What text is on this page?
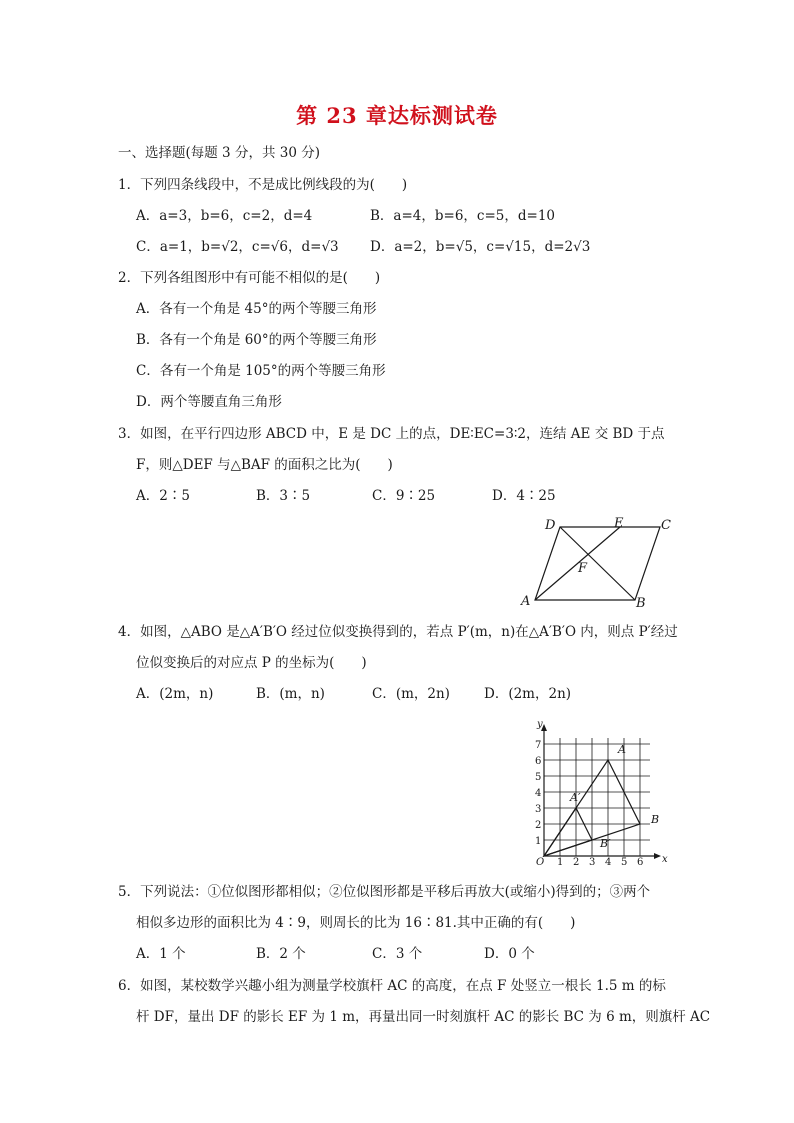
第 23 章达标测试卷
一、选择题(每题 3 分，共 30 分)
1．下列四条线段中，不是成比例线段的为(　　)
A．a=3，b=6，c=2，d=4	B．a=4，b=6，c=5，d=10
C．a=1，b=√2，c=√6，d=√3 D．a=2，b=√5，c=√15，d=2√3
2．下列各组图形中有可能不相似的是(　　)
A．各有一个角是 45°的两个等腰三角形
B．各有一个角是 60°的两个等腰三角形
C．各有一个角是 105°的两个等腰三角形
D．两个等腰直角三角形
3．如图，在平行四边形 ABCD 中，E 是 DC 上的点，DE∶EC=3∶2，连结 AE 交 BD 于点
F，则△DEF 与△BAF 的面积之比为(　　)
A．2∶5	B．3∶5	C．9∶25	D．4∶25
D	E	C
F
A	B
4．如图，△ABO 是△A′B′O 经过位似变换得到的，若点 P′(m，n)在△A′B′O 内，则点 P′经过
位似变换后的对应点 P 的坐标为(　　)
A．(2m，n)	B．(m，n)	C．(m，2n)	D．(2m，2n)
y
x
O 1 2 3 4 5 6
1
2
3
4
5
6
7	A
A′
B
B′
5．下列说法：①位似图形都相似；②位似图形都是平移后再放大(或缩小)得到的；③两个
相似多边形的面积比为 4∶9，则周长的比为 16∶81.其中正确的有(　　)
A．1 个	B．2 个	C．3 个	D．0 个
6．如图，某校数学兴趣小组为测量学校旗杆 AC 的高度，在点 F 处竖立一根长 1.5 m 的标
杆 DF，量出 DF 的影长 EF 为 1 m，再量出同一时刻旗杆 AC 的影长 BC 为 6 m，则旗杆 AC
